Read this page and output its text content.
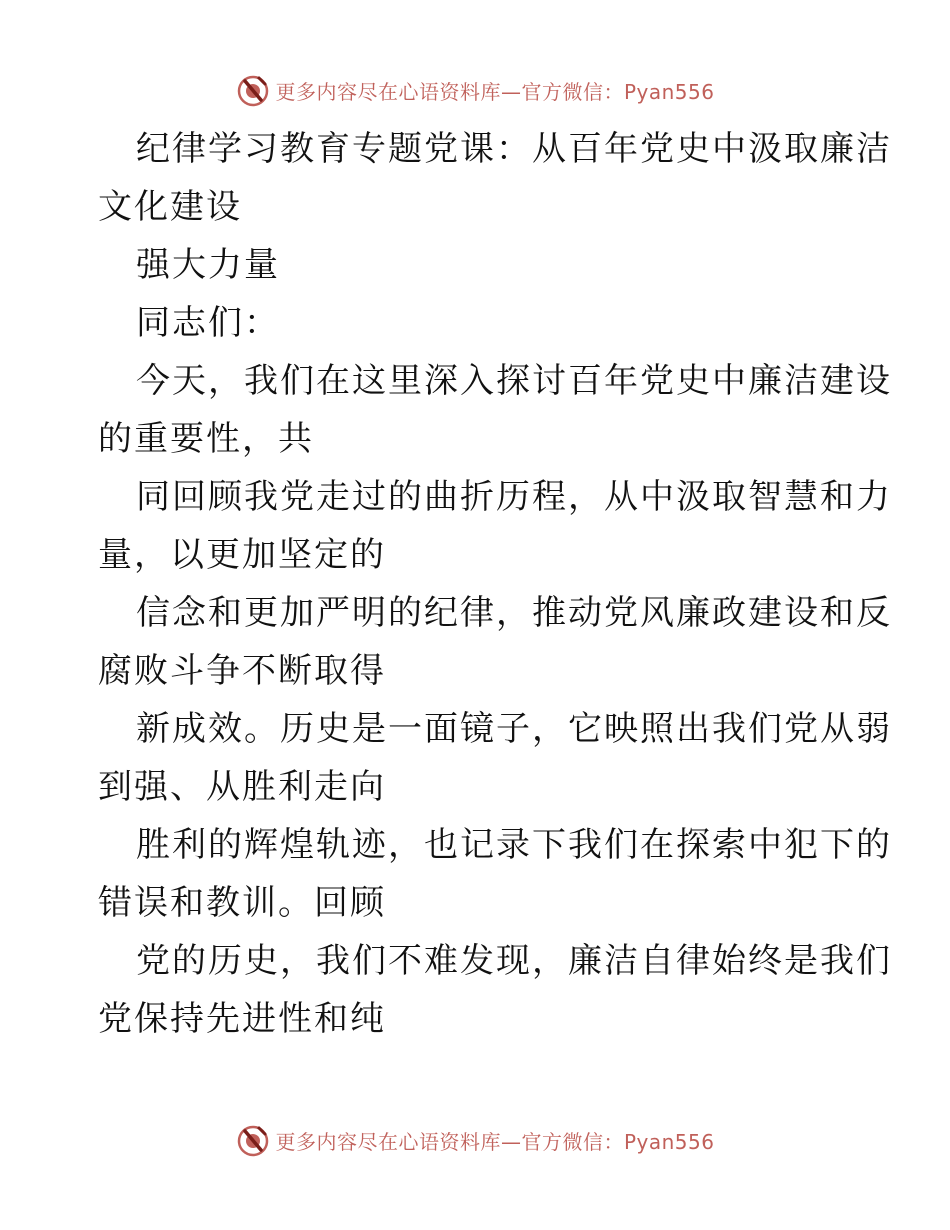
更多内容尽在心语资料库—官方微信：Pyan556
纪律学习教育专题党课：从百年党史中汲取廉洁
文化建设
强大力量
同志们：
今天，我们在这里深入探讨百年党史中廉洁建设
的重要性，共
同回顾我党走过的曲折历程，从中汲取智慧和力
量，以更加坚定的
信念和更加严明的纪律，推动党风廉政建设和反
腐败斗争不断取得
新成效。历史是一面镜子，它映照出我们党从弱
到强、从胜利走向
胜利的辉煌轨迹，也记录下我们在探索中犯下的
错误和教训。回顾
党的历史，我们不难发现，廉洁自律始终是我们
党保持先进性和纯
更多内容尽在心语资料库—官方微信：Pyan556
